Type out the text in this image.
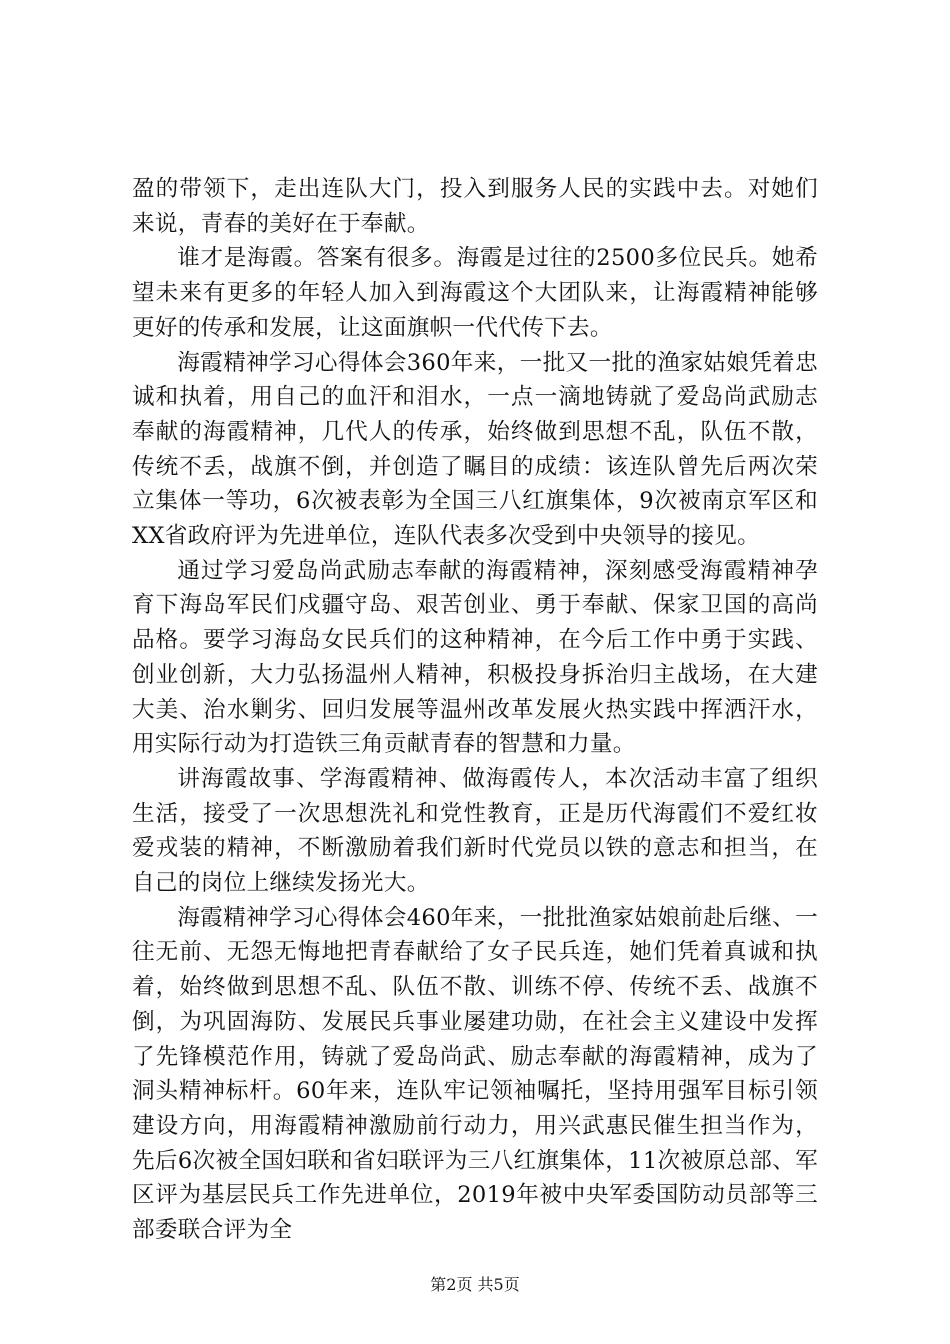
盈的带领下，走出连队大门，投入到服务人民的实践中去。对她们来说，青春的美好在于奉献。

谁才是海霞。答案有很多。海霞是过往的2500多位民兵。她希望未来有更多的年轻人加入到海霞这个大团队来，让海霞精神能够更好的传承和发展，让这面旗帜一代代传下去。

海霞精神学习心得体会360年来，一批又一批的渔家姑娘凭着忠诚和执着，用自己的血汗和泪水，一点一滴地铸就了爱岛尚武励志奉献的海霞精神，几代人的传承，始终做到思想不乱，队伍不散，传统不丢，战旗不倒，并创造了瞩目的成绩：该连队曾先后两次荣立集体一等功，6次被表彰为全国三八红旗集体，9次被南京军区和XX省政府评为先进单位，连队代表多次受到中央领导的接见。

通过学习爱岛尚武励志奉献的海霞精神，深刻感受海霞精神孕育下海岛军民们戍疆守岛、艰苦创业、勇于奉献、保家卫国的高尚品格。要学习海岛女民兵们的这种精神，在今后工作中勇于实践、创业创新，大力弘扬温州人精神，积极投身拆治归主战场，在大建大美、治水剿劣、回归发展等温州改革发展火热实践中挥洒汗水，用实际行动为打造铁三角贡献青春的智慧和力量。

讲海霞故事、学海霞精神、做海霞传人，本次活动丰富了组织生活，接受了一次思想洗礼和党性教育，正是历代海霞们不爱红妆爱戎装的精神，不断激励着我们新时代党员以铁的意志和担当，在自己的岗位上继续发扬光大。

海霞精神学习心得体会460年来，一批批渔家姑娘前赴后继、一往无前、无怨无悔地把青春献给了女子民兵连，她们凭着真诚和执着，始终做到思想不乱、队伍不散、训练不停、传统不丢、战旗不倒，为巩固海防、发展民兵事业屡建功勋，在社会主义建设中发挥了先锋模范作用，铸就了爱岛尚武、励志奉献的海霞精神，成为了洞头精神标杆。60年来，连队牢记领袖嘱托，坚持用强军目标引领建设方向，用海霞精神激励前行动力，用兴武惠民催生担当作为，先后6次被全国妇联和省妇联评为三八红旗集体，11次被原总部、军区评为基层民兵工作先进单位，2019年被中央军委国防动员部等三部委联合评为全

第2页 共5页
